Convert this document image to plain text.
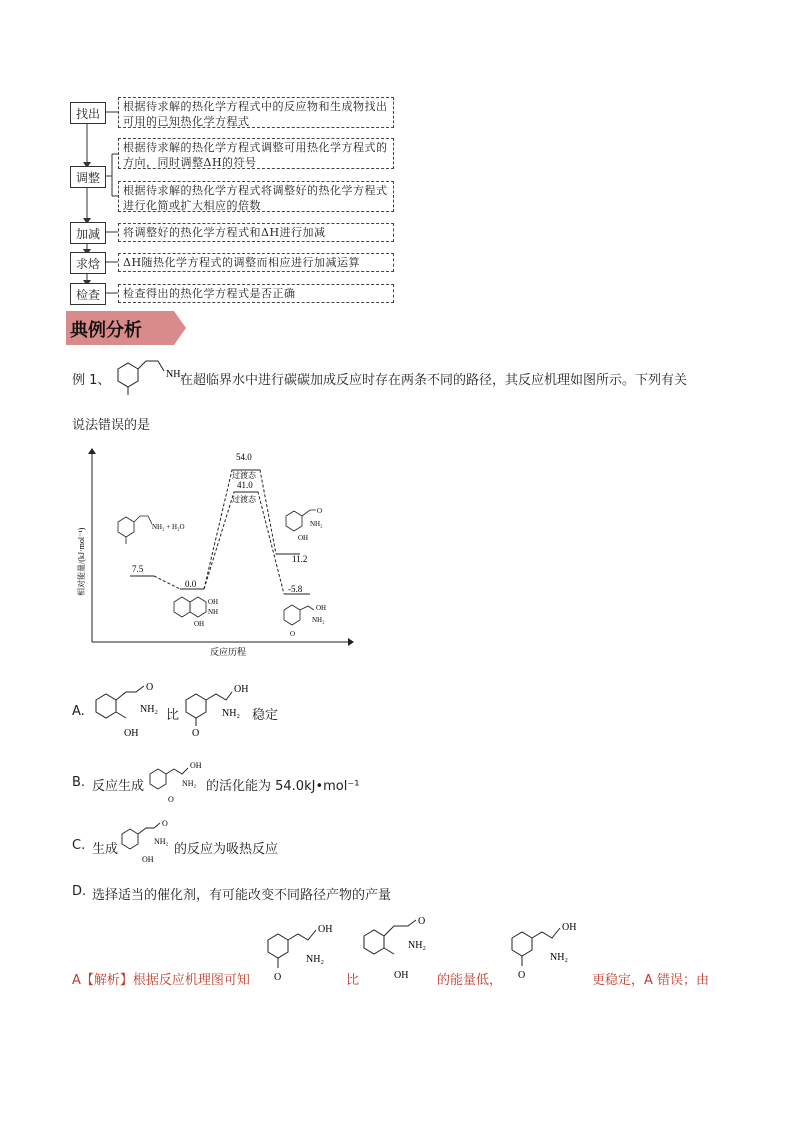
找出	根据待求解的热化学方程式中的反应物和生成物找出可用的已知热化学方程式
调整
根据待求解的热化学方程式调整可用热化学方程式的方向，同时调整ΔH的符号
根据待求解的热化学方程式将调整好的热化学方程式进行化简或扩大相应的倍数
加减	将调整好的热化学方程式和ΔH进行加减
求焓	ΔH随热化学方程式的调整而相应进行加减运算
检查	检查得出的热化学方程式是否正确
典例分析
例 1、	NH₂
在超临界水中进行碳碳加成反应时存在两条不同的路径，其反应机理如图所示。下列有关
说法错误的是
相对能量/(kJ·mol⁻¹)
反应历程
7.5
0.0
54.0
过渡态
41.0
过渡态
11.2
-5.8
NH₂ + H₂O
OH
NH
OH
O
NH₂
OH
OH
NH₂
O
A.
O
NH₂
OH
比
OH
NH₂
O
稳定
B. 反应生成
OH
NH₂
O
的活化能为 54.0kJ•mol⁻¹
C. 生成
O
NH₂
OH
的反应为吸热反应
D. 选择适当的催化剂，有可能改变不同路径产物的产量
A【解析】根据反应机理图可知
OH
NH₂
O	比
O
NH₂
OH 的能量低，
OH
NH₂
O	更稳定，A 错误；由
